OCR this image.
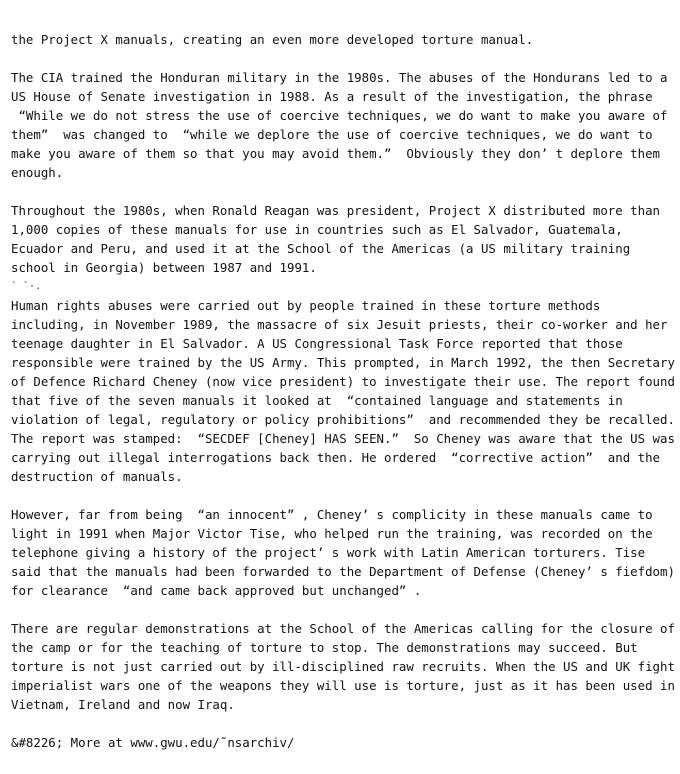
the Project X manuals, creating an even more developed torture manual.
The CIA trained the Honduran military in the 1980s. The abuses of the Hondurans led to a
US House of Senate investigation in 1988. As a result of the investigation, the phrase
“While we do not stress the use of coercive techniques, we do want to make you aware of
them”  was changed to  “while we deplore the use of coercive techniques, we do want to
make you aware of them so that you may avoid them.”  Obviously they don’ t deplore them
enough.
Throughout the 1980s, when Ronald Reagan was president, Project X distributed more than
1,000 copies of these manuals for use in countries such as El Salvador, Guatemala,
Ecuador and Peru, and used it at the School of the Americas (a US military training
school in Georgia) between 1987 and 1991.
` `·.
Human rights abuses were carried out by people trained in these torture methods
including, in November 1989, the massacre of six Jesuit priests, their co-worker and her
teenage daughter in El Salvador. A US Congressional Task Force reported that those
responsible were trained by the US Army. This prompted, in March 1992, the then Secretary
of Defence Richard Cheney (now vice president) to investigate their use. The report found
that five of the seven manuals it looked at  “contained language and statements in
violation of legal, regulatory or policy prohibitions”  and recommended they be recalled.
The report was stamped:  “SECDEF [Cheney] HAS SEEN.”  So Cheney was aware that the US was
carrying out illegal interrogations back then. He ordered  “corrective action”  and the
destruction of manuals.
However, far from being  “an innocent” , Cheney’ s complicity in these manuals came to
light in 1991 when Major Victor Tise, who helped run the training, was recorded on the
telephone giving a history of the project’ s work with Latin American torturers. Tise
said that the manuals had been forwarded to the Department of Defense (Cheney’ s fiefdom)
for clearance  “and came back approved but unchanged” .
There are regular demonstrations at the School of the Americas calling for the closure of
the camp or for the teaching of torture to stop. The demonstrations may succeed. But
torture is not just carried out by ill-disciplined raw recruits. When the US and UK fight
imperialist wars one of the weapons they will use is torture, just as it has been used in
Vietnam, Ireland and now Iraq.
&#8226; More at www.gwu.edu/˜nsarchiv/
